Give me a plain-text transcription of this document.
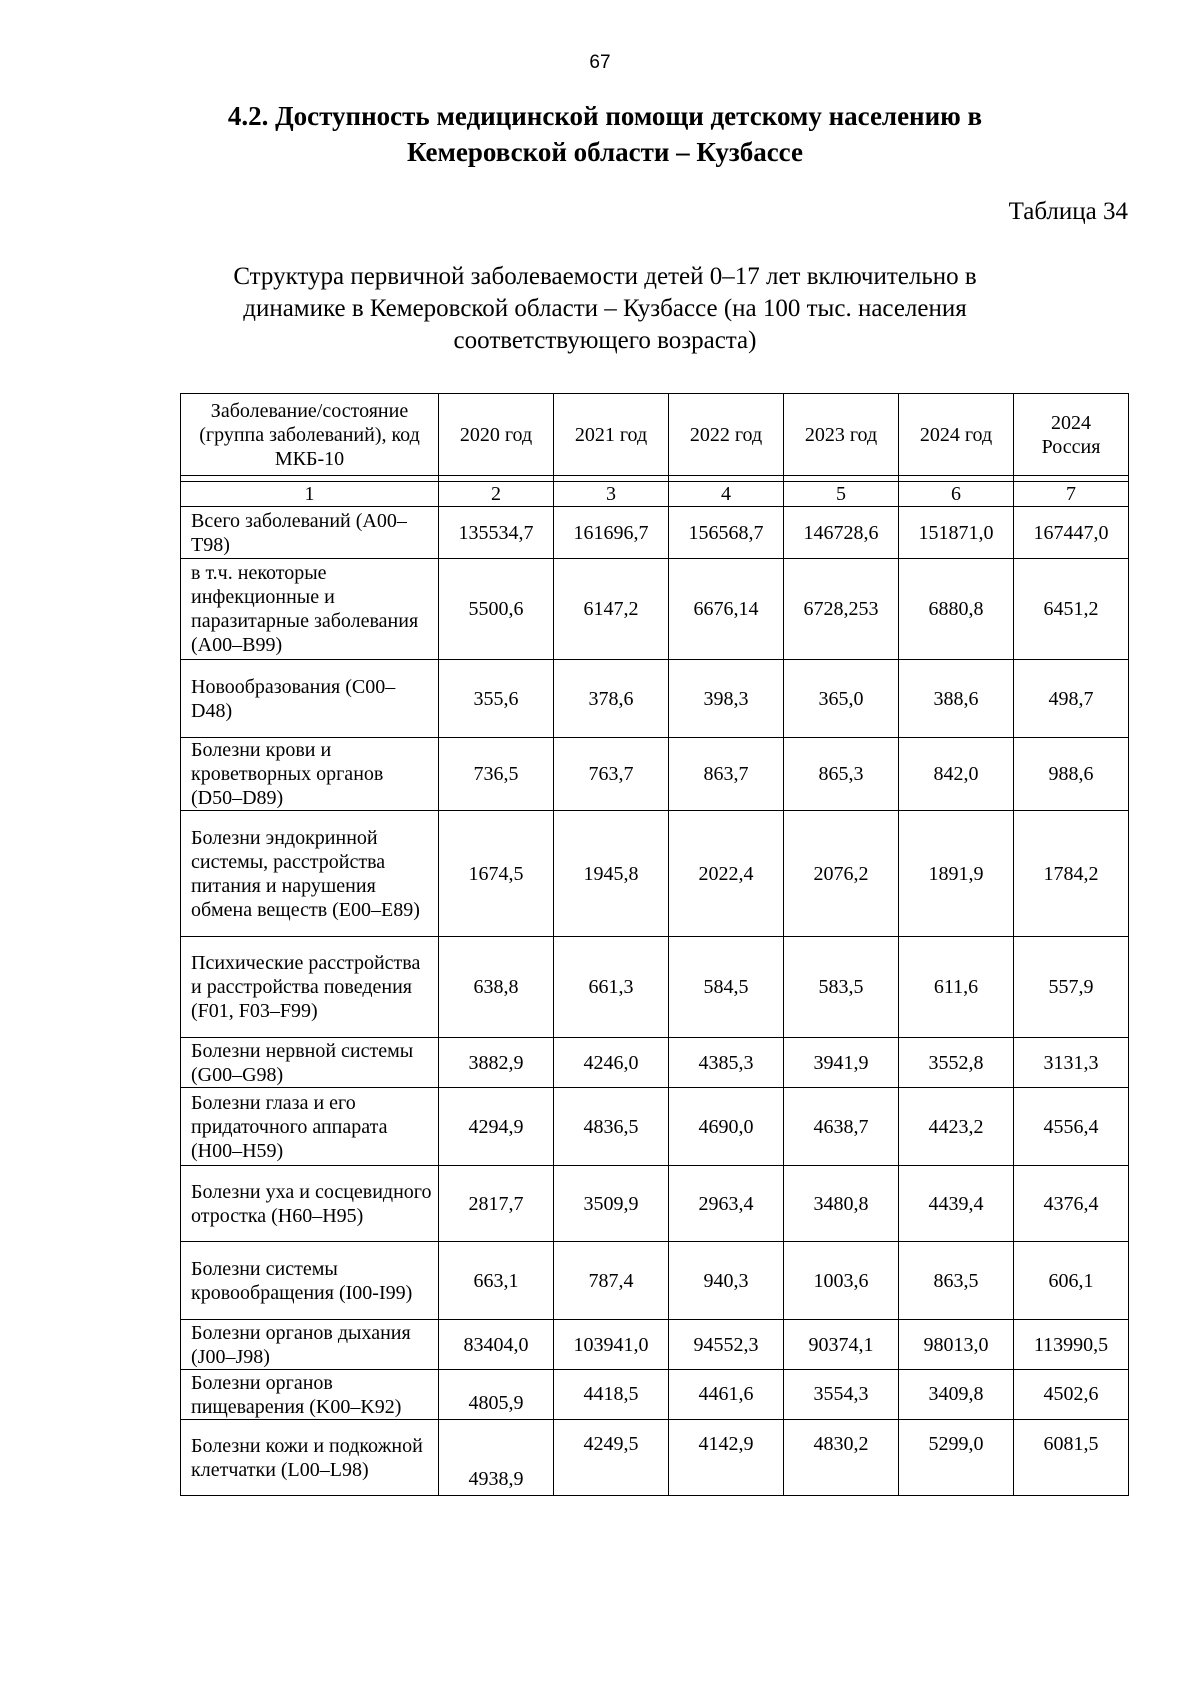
67
4.2. Доступность медицинской помощи детскому населению в
Кемеровской области – Кузбассе
Таблица 34
Структура первичной заболеваемости детей 0–17 лет включительно в
динамике в Кемеровской области – Кузбассе (на 100 тыс. населения
соответствующего возраста)
Заболевание/состояние (группа заболеваний), код МКБ-10	2020 год	2021 год	2022 год	2023 год	2024 год	2024 Россия

1	2	3	4	5	6	7
Всего заболеваний (A00–T98)	135534,7	161696,7	156568,7	146728,6	151871,0	167447,0
в т.ч. некоторые инфекционные и паразитарные заболевания (A00–B99)	5500,6	6147,2	6676,14	6728,253	6880,8	6451,2
Новообразования (C00–D48)	355,6	378,6	398,3	365,0	388,6	498,7
Болезни крови и кроветворных органов (D50–D89)	736,5	763,7	863,7	865,3	842,0	988,6
Болезни эндокринной системы, расстройства питания и нарушения обмена веществ (E00–E89)	1674,5	1945,8	2022,4	2076,2	1891,9	1784,2
Психические расстройства и расстройства поведения (F01, F03–F99)	638,8	661,3	584,5	583,5	611,6	557,9
Болезни нервной системы (G00–G98)	3882,9	4246,0	4385,3	3941,9	3552,8	3131,3
Болезни глаза и его придаточного аппарата (H00–H59)	4294,9	4836,5	4690,0	4638,7	4423,2	4556,4
Болезни уха и сосцевидного отростка (H60–H95)	2817,7	3509,9	2963,4	3480,8	4439,4	4376,4
Болезни системы кровообращения (I00-I99)	663,1	787,4	940,3	1003,6	863,5	606,1
Болезни органов дыхания (J00–J98)	83404,0	103941,0	94552,3	90374,1	98013,0	113990,5
Болезни органов пищеварения (K00–K92)	4805,9	4418,5	4461,6	3554,3	3409,8	4502,6
Болезни кожи и подкожной клетчатки (L00–L98)	4938,9	4249,5	4142,9	4830,2	5299,0	6081,5
